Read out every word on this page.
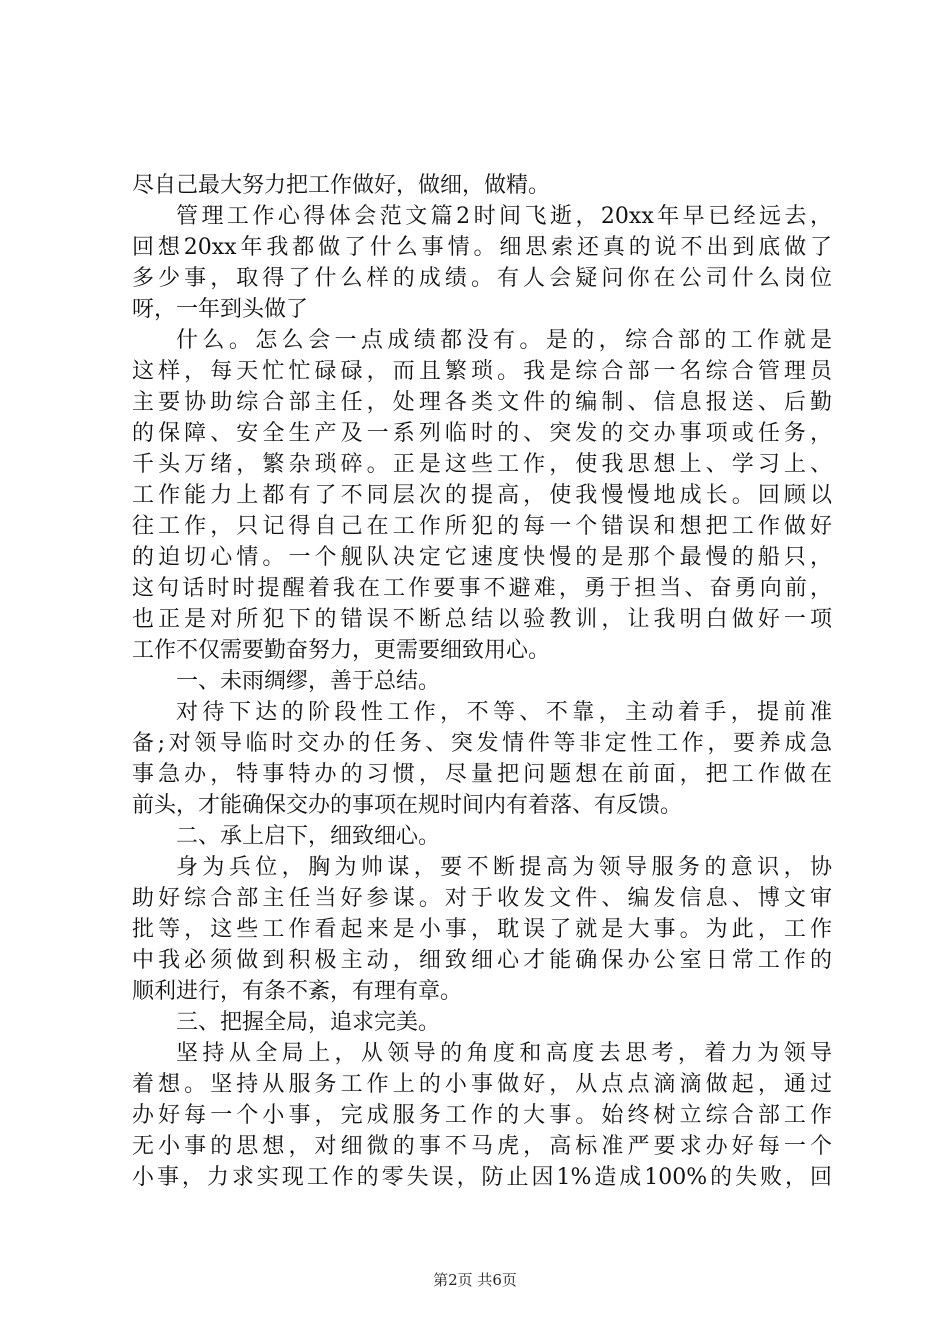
尽自己最大努力把工作做好，做细，做精。
管理工作心得体会范文篇2时间飞逝，20xx年早已经远去，
回想20xx年我都做了什么事情。细思索还真的说不出到底做了
多少事，取得了什么样的成绩。有人会疑问你在公司什么岗位
呀，一年到头做了
什么。怎么会一点成绩都没有。是的，综合部的工作就是
这样，每天忙忙碌碌，而且繁琐。我是综合部一名综合管理员
主要协助综合部主任，处理各类文件的编制、信息报送、后勤
的保障、安全生产及一系列临时的、突发的交办事项或任务，
千头万绪，繁杂琐碎。正是这些工作，使我思想上、学习上、
工作能力上都有了不同层次的提高，使我慢慢地成长。回顾以
往工作，只记得自己在工作所犯的每一个错误和想把工作做好
的迫切心情。一个舰队决定它速度快慢的是那个最慢的船只，
这句话时时提醒着我在工作要事不避难，勇于担当、奋勇向前，
也正是对所犯下的错误不断总结以验教训，让我明白做好一项
工作不仅需要勤奋努力，更需要细致用心。
一、未雨绸缪，善于总结。
对待下达的阶段性工作，不等、不靠，主动着手，提前准
备;对领导临时交办的任务、突发情件等非定性工作，要养成急
事急办，特事特办的习惯，尽量把问题想在前面，把工作做在
前头，才能确保交办的事项在规时间内有着落、有反馈。
二、承上启下，细致细心。
身为兵位，胸为帅谋，要不断提高为领导服务的意识，协
助好综合部主任当好参谋。对于收发文件、编发信息、博文审
批等，这些工作看起来是小事，耽误了就是大事。为此，工作
中我必须做到积极主动，细致细心才能确保办公室日常工作的
顺利进行，有条不紊，有理有章。
三、把握全局，追求完美。
坚持从全局上，从领导的角度和高度去思考，着力为领导
着想。坚持从服务工作上的小事做好，从点点滴滴做起，通过
办好每一个小事，完成服务工作的大事。始终树立综合部工作
无小事的思想，对细微的事不马虎，高标准严要求办好每一个
小事，力求实现工作的零失误，防止因1%造成100%的失败，回
第2页 共6页
